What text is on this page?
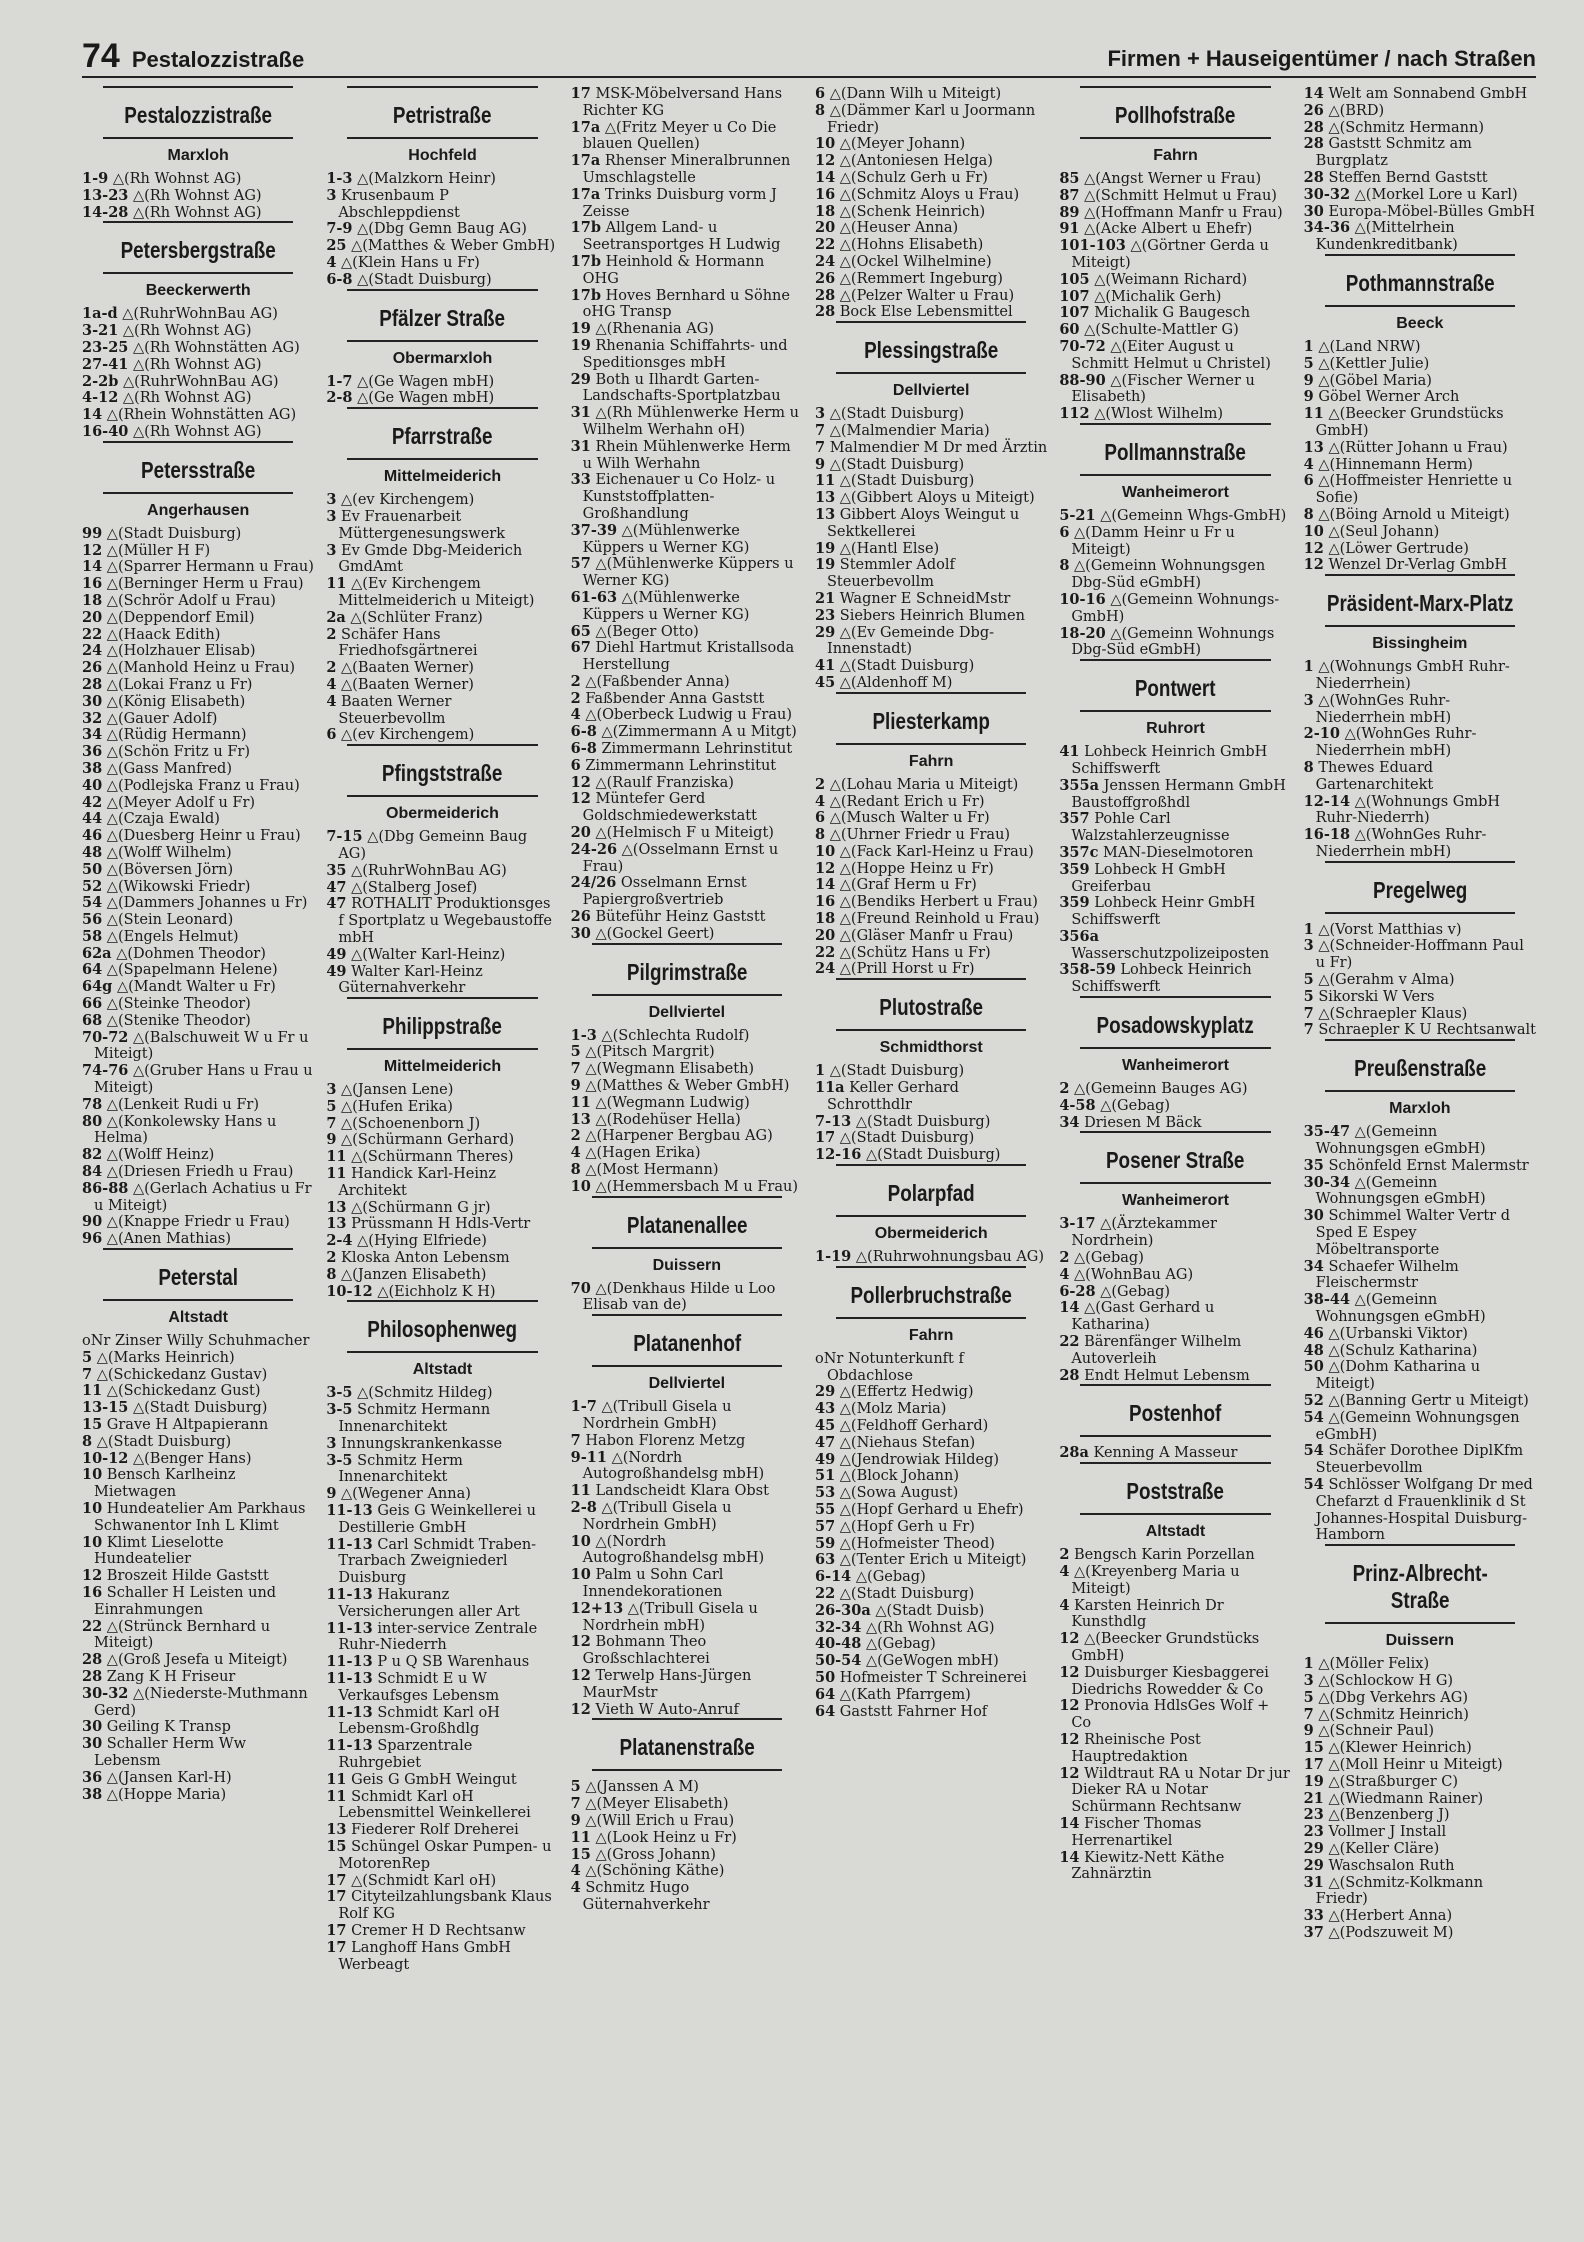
74 Pestalozzistraße	Firmen + Hauseigentümer / nach Straßen
Pestalozzistraße
Marxloh
1-9 △(Rh Wohnst AG)
13-23 △(Rh Wohnst AG)
14-28 △(Rh Wohnst AG)
Petersbergstraße
Beeckerwerth
1a-d △(RuhrWohnBau AG)
3-21 △(Rh Wohnst AG)
23-25 △(Rh Wohnstätten AG)
27-41 △(Rh Wohnst AG)
2-2b △(RuhrWohnBau AG)
4-12 △(Rh Wohnst AG)
14 △(Rhein Wohnstätten AG)
16-40 △(Rh Wohnst AG)
Petersstraße
Angerhausen
99 △(Stadt Duisburg)
12 △(Müller H F)
14 △(Sparrer Hermann u Frau)
16 △(Berninger Herm u Frau)
18 △(Schrör Adolf u Frau)
20 △(Deppendorf Emil)
22 △(Haack Edith)
24 △(Holzhauer Elisab)
26 △(Manhold Heinz u Frau)
28 △(Lokai Franz u Fr)
30 △(König Elisabeth)
32 △(Gauer Adolf)
34 △(Rüdig Hermann)
36 △(Schön Fritz u Fr)
38 △(Gass Manfred)
40 △(Podlejska Franz u Frau)
42 △(Meyer Adolf u Fr)
44 △(Czaja Ewald)
46 △(Duesberg Heinr u Frau)
48 △(Wolff Wilhelm)
50 △(Böversen Jörn)
52 △(Wikowski Friedr)
54 △(Dammers Johannes u Fr)
56 △(Stein Leonard)
58 △(Engels Helmut)
62a △(Dohmen Theodor)
64 △(Spapelmann Helene)
64g △(Mandt Walter u Fr)
66 △(Steinke Theodor)
68 △(Stenike Theodor)
70-72 △(Balschuweit W u Fr u Miteigt)
74-76 △(Gruber Hans u Frau u Miteigt)
78 △(Lenkeit Rudi u Fr)
80 △(Konkolewsky Hans u Helma)
82 △(Wolff Heinz)
84 △(Driesen Friedh u Frau)
86-88 △(Gerlach Achatius u Fr u Miteigt)
90 △(Knappe Friedr u Frau)
96 △(Anen Mathias)
Peterstal
Altstadt
oNr Zinser Willy Schuhmacher
5 △(Marks Heinrich)
7 △(Schickedanz Gustav)
11 △(Schickedanz Gust)
13-15 △(Stadt Duisburg)
15 Grave H Altpapierann
8 △(Stadt Duisburg)
10-12 △(Benger Hans)
10 Bensch Karlheinz Mietwagen
10 Hundeatelier Am Parkhaus Schwanentor Inh L Klimt
10 Klimt Lieselotte Hundeatelier
12 Broszeit Hilde Gaststt
16 Schaller H Leisten und Einrahmungen
22 △(Strünck Bernhard u Miteigt)
28 △(Groß Jesefa u Miteigt)
28 Zang K H Friseur
30-32 △(Niederste-Muthmann Gerd)
30 Geiling K Transp
30 Schaller Herm Ww Lebensm
36 △(Jansen Karl-H)
38 △(Hoppe Maria)
Petristraße
Hochfeld
1-3 △(Malzkorn Heinr)
3 Krusenbaum P Abschleppdienst
7-9 △(Dbg Gemn Baug AG)
25 △(Matthes & Weber GmbH)
4 △(Klein Hans u Fr)
6-8 △(Stadt Duisburg)
Pfälzer Straße
Obermarxloh
1-7 △(Ge Wagen mbH)
2-8 △(Ge Wagen mbH)
Pfarrstraße
Mittelmeiderich
3 △(ev Kirchengem)
3 Ev Frauenarbeit Müttergenesungswerk
3 Ev Gmde Dbg-Meiderich GmdAmt
11 △(Ev Kirchengem Mittelmeiderich u Miteigt)
2a △(Schlüter Franz)
2 Schäfer Hans Friedhofsgärtnerei
2 △(Baaten Werner)
4 △(Baaten Werner)
4 Baaten Werner Steuerbevollm
6 △(ev Kirchengem)
Pfingststraße
Obermeiderich
7-15 △(Dbg Gemeinn Baug AG)
35 △(RuhrWohnBau AG)
47 △(Stalberg Josef)
47 ROTHALIT Produktionsges f Sportplatz u Wegebaustoffe mbH
49 △(Walter Karl-Heinz)
49 Walter Karl-Heinz Güternahverkehr
Philippstraße
Mittelmeiderich
3 △(Jansen Lene)
5 △(Hufen Erika)
7 △(Schoenenborn J)
9 △(Schürmann Gerhard)
11 △(Schürmann Theres)
11 Handick Karl-Heinz Architekt
13 △(Schürmann G jr)
13 Prüssmann H Hdls-Vertr
2-4 △(Hying Elfriede)
2 Kloska Anton Lebensm
8 △(Janzen Elisabeth)
10-12 △(Eichholz K H)
Philosophenweg
Altstadt
3-5 △(Schmitz Hildeg)
3-5 Schmitz Hermann Innenarchitekt
3 Innungskrankenkasse
3-5 Schmitz Herm Innenarchitekt
9 △(Wegener Anna)
11-13 Geis G Weinkellerei u Destillerie GmbH
11-13 Carl Schmidt Traben-Trarbach Zweigniederl Duisburg
11-13 Hakuranz Versicherungen aller Art
11-13 inter-service Zentrale Ruhr-Niederrh
11-13 P u Q SB Warenhaus
11-13 Schmidt E u W Verkaufsges Lebensm
11-13 Schmidt Karl oH Lebensm-Großhdlg
11-13 Sparzentrale Ruhrgebiet
11 Geis G GmbH Weingut
11 Schmidt Karl oH Lebensmittel Weinkellerei
13 Fiederer Rolf Dreherei
15 Schüngel Oskar Pumpen- u MotorenRep
17 △(Schmidt Karl oH)
17 Cityteilzahlungsbank Klaus Rolf KG
17 Cremer H D Rechtsanw
17 Langhoff Hans GmbH Werbeagt
17 MSK-Möbelversand Hans Richter KG
17a △(Fritz Meyer u Co Die blauen Quellen)
17a Rhenser Mineralbrunnen Umschlagstelle
17a Trinks Duisburg vorm J Zeisse
17b Allgem Land- u Seetransportges H Ludwig
17b Heinhold & Hormann OHG
17b Hoves Bernhard u Söhne oHG Transp
19 △(Rhenania AG)
19 Rhenania Schiffahrts- und Speditionsges mbH
29 Both u Ilhardt Garten-Landschafts-Sportplatzbau
31 △(Rh Mühlenwerke Herm u Wilhelm Werhahn oH)
31 Rhein Mühlenwerke Herm u Wilh Werhahn
33 Eichenauer u Co Holz- u Kunststoffplatten-Großhandlung
37-39 △(Mühlenwerke Küppers u Werner KG)
57 △(Mühlenwerke Küppers u Werner KG)
61-63 △(Mühlenwerke Küppers u Werner KG)
65 △(Beger Otto)
67 Diehl Hartmut Kristallsoda Herstellung
2 △(Faßbender Anna)
2 Faßbender Anna Gaststt
4 △(Oberbeck Ludwig u Frau)
6-8 △(Zimmermann A u Mitgt)
6-8 Zimmermann Lehrinstitut
6 Zimmermann Lehrinstitut
12 △(Raulf Franziska)
12 Müntefer Gerd Goldschmiedewerkstatt
20 △(Helmisch F u Miteigt)
24-26 △(Osselmann Ernst u Frau)
24/26 Osselmann Ernst Papiergroßvertrieb
26 Büteführ Heinz Gaststt
30 △(Gockel Geert)
Pilgrimstraße
Dellviertel
1-3 △(Schlechta Rudolf)
5 △(Pitsch Margrit)
7 △(Wegmann Elisabeth)
9 △(Matthes & Weber GmbH)
11 △(Wegmann Ludwig)
13 △(Rodehüser Hella)
2 △(Harpener Bergbau AG)
4 △(Hagen Erika)
8 △(Most Hermann)
10 △(Hemmersbach M u Frau)
Platanenallee
Duissern
70 △(Denkhaus Hilde u Loo Elisab van de)
Platanenhof
Dellviertel
1-7 △(Tribull Gisela u Nordrhein GmbH)
7 Habon Florenz Metzg
9-11 △(Nordrh Autogroßhandelsg mbH)
11 Landscheidt Klara Obst
2-8 △(Tribull Gisela u Nordrhein GmbH)
10 △(Nordrh Autogroßhandelsg mbH)
10 Palm u Sohn Carl Innendekorationen
12+13 △(Tribull Gisela u Nordrhein mbH)
12 Bohmann Theo Großschlachterei
12 Terwelp Hans-Jürgen MaurMstr
12 Vieth W Auto-Anruf
Platanenstraße
5 △(Janssen A M)
7 △(Meyer Elisabeth)
9 △(Will Erich u Frau)
11 △(Look Heinz u Fr)
15 △(Gross Johann)
4 △(Schöning Käthe)
4 Schmitz Hugo Güternahverkehr
6 △(Dann Wilh u Miteigt)
8 △(Dämmer Karl u Joormann Friedr)
10 △(Meyer Johann)
12 △(Antoniesen Helga)
14 △(Schulz Gerh u Fr)
16 △(Schmitz Aloys u Frau)
18 △(Schenk Heinrich)
20 △(Heuser Anna)
22 △(Hohns Elisabeth)
24 △(Ockel Wilhelmine)
26 △(Remmert Ingeburg)
28 △(Pelzer Walter u Frau)
28 Bock Else Lebensmittel
Plessingstraße
Dellviertel
3 △(Stadt Duisburg)
7 △(Malmendier Maria)
7 Malmendier M Dr med Ärztin
9 △(Stadt Duisburg)
11 △(Stadt Duisburg)
13 △(Gibbert Aloys u Miteigt)
13 Gibbert Aloys Weingut u Sektkellerei
19 △(Hantl Else)
19 Stemmler Adolf Steuerbevollm
21 Wagner E SchneidMstr
23 Siebers Heinrich Blumen
29 △(Ev Gemeinde Dbg-Innenstadt)
41 △(Stadt Duisburg)
45 △(Aldenhoff M)
Pliesterkamp
Fahrn
2 △(Lohau Maria u Miteigt)
4 △(Redant Erich u Fr)
6 △(Musch Walter u Fr)
8 △(Uhrner Friedr u Frau)
10 △(Fack Karl-Heinz u Frau)
12 △(Hoppe Heinz u Fr)
14 △(Graf Herm u Fr)
16 △(Bendiks Herbert u Frau)
18 △(Freund Reinhold u Frau)
20 △(Gläser Manfr u Frau)
22 △(Schütz Hans u Fr)
24 △(Prill Horst u Fr)
Plutostraße
Schmidthorst
1 △(Stadt Duisburg)
11a Keller Gerhard Schrotthdlr
7-13 △(Stadt Duisburg)
17 △(Stadt Duisburg)
12-16 △(Stadt Duisburg)
Polarpfad
Obermeiderich
1-19 △(Ruhrwohnungsbau AG)
Pollerbruchstraße
Fahrn
oNr Notunterkunft f Obdachlose
29 △(Effertz Hedwig)
43 △(Molz Maria)
45 △(Feldhoff Gerhard)
47 △(Niehaus Stefan)
49 △(Jendrowiak Hildeg)
51 △(Block Johann)
53 △(Sowa August)
55 △(Hopf Gerhard u Ehefr)
57 △(Hopf Gerh u Fr)
59 △(Hofmeister Theod)
63 △(Tenter Erich u Miteigt)
6-14 △(Gebag)
22 △(Stadt Duisburg)
26-30a △(Stadt Duisb)
32-34 △(Rh Wohnst AG)
40-48 △(Gebag)
50-54 △(GeWogen mbH)
50 Hofmeister T Schreinerei
64 △(Kath Pfarrgem)
64 Gaststt Fahrner Hof
Pollhofstraße
Fahrn
85 △(Angst Werner u Frau)
87 △(Schmitt Helmut u Frau)
89 △(Hoffmann Manfr u Frau)
91 △(Acke Albert u Ehefr)
101-103 △(Görtner Gerda u Miteigt)
105 △(Weimann Richard)
107 △(Michalik Gerh)
107 Michalik G Baugesch
60 △(Schulte-Mattler G)
70-72 △(Eiter August u Schmitt Helmut u Christel)
88-90 △(Fischer Werner u Elisabeth)
112 △(Wlost Wilhelm)
Pollmannstraße
Wanheimerort
5-21 △(Gemeinn Whgs-GmbH)
6 △(Damm Heinr u Fr u Miteigt)
8 △(Gemeinn Wohnungsgen Dbg-Süd eGmbH)
10-16 △(Gemeinn Wohnungs-GmbH)
18-20 △(Gemeinn Wohnungs Dbg-Süd eGmbH)
Pontwert
Ruhrort
41 Lohbeck Heinrich GmbH Schiffswerft
355a Jenssen Hermann GmbH Baustoffgroßhdl
357 Pohle Carl Walzstahlerzeugnisse
357c MAN-Dieselmotoren
359 Lohbeck H GmbH Greiferbau
359 Lohbeck Heinr GmbH Schiffswerft
356a Wasserschutzpolizeiposten
358-59 Lohbeck Heinrich Schiffswerft
Posadowskyplatz
Wanheimerort
2 △(Gemeinn Bauges AG)
4-58 △(Gebag)
34 Driesen M Bäck
Posener Straße
Wanheimerort
3-17 △(Ärztekammer Nordrhein)
2 △(Gebag)
4 △(WohnBau AG)
6-28 △(Gebag)
14 △(Gast Gerhard u Katharina)
22 Bärenfänger Wilhelm Autoverleih
28 Endt Helmut Lebensm
Postenhof
28a Kenning A Masseur
Poststraße
Altstadt
2 Bengsch Karin Porzellan
4 △(Kreyenberg Maria u Miteigt)
4 Karsten Heinrich Dr Kunsthdlg
12 △(Beecker Grundstücks GmbH)
12 Duisburger Kiesbaggerei Diedrichs Rowedder & Co
12 Pronovia HdlsGes Wolf + Co
12 Rheinische Post Hauptredaktion
12 Wildtraut RA u Notar Dr jur Dieker RA u Notar Schürmann Rechtsanw
14 Fischer Thomas Herrenartikel
14 Kiewitz-Nett Käthe Zahnärztin
14 Welt am Sonnabend GmbH
26 △(BRD)
28 △(Schmitz Hermann)
28 Gaststt Schmitz am Burgplatz
28 Steffen Bernd Gaststt
30-32 △(Morkel Lore u Karl)
30 Europa-Möbel-Bülles GmbH
34-36 △(Mittelrhein Kundenkreditbank)
Pothmannstraße
Beeck
1 △(Land NRW)
5 △(Kettler Julie)
9 △(Göbel Maria)
9 Göbel Werner Arch
11 △(Beecker Grundstücks GmbH)
13 △(Rütter Johann u Frau)
4 △(Hinnemann Herm)
6 △(Hoffmeister Henriette u Sofie)
8 △(Böing Arnold u Miteigt)
10 △(Seul Johann)
12 △(Löwer Gertrude)
12 Wenzel Dr-Verlag GmbH
Präsident-Marx-Platz
Bissingheim
1 △(Wohnungs GmbH Ruhr-Niederrhein)
3 △(WohnGes Ruhr-Niederrhein mbH)
2-10 △(WohnGes Ruhr-Niederrhein mbH)
8 Thewes Eduard Gartenarchitekt
12-14 △(Wohnungs GmbH Ruhr-Niederrh)
16-18 △(WohnGes Ruhr-Niederrhein mbH)
Pregelweg
1 △(Vorst Matthias v)
3 △(Schneider-Hoffmann Paul u Fr)
5 △(Gerahm v Alma)
5 Sikorski W Vers
7 △(Schraepler Klaus)
7 Schraepler K U Rechtsanwalt
Preußenstraße
Marxloh
35-47 △(Gemeinn Wohnungsgen eGmbH)
35 Schönfeld Ernst Malermstr
30-34 △(Gemeinn Wohnungsgen eGmbH)
30 Schimmel Walter Vertr d Sped E Espey Möbeltransporte
34 Schaefer Wilhelm Fleischermstr
38-44 △(Gemeinn Wohnungsgen eGmbH)
46 △(Urbanski Viktor)
48 △(Schulz Katharina)
50 △(Dohm Katharina u Miteigt)
52 △(Banning Gertr u Miteigt)
54 △(Gemeinn Wohnungsgen eGmbH)
54 Schäfer Dorothee DiplKfm Steuerbevollm
54 Schlösser Wolfgang Dr med Chefarzt d Frauenklinik d St Johannes-Hospital Duisburg-Hamborn
Prinz-Albrecht-Straße
Duissern
1 △(Möller Felix)
3 △(Schlockow H G)
5 △(Dbg Verkehrs AG)
7 △(Schmitz Heinrich)
9 △(Schneir Paul)
15 △(Klewer Heinrich)
17 △(Moll Heinr u Miteigt)
19 △(Straßburger C)
21 △(Wiedmann Rainer)
23 △(Benzenberg J)
23 Vollmer J Install
29 △(Keller Cläre)
29 Waschsalon Ruth
31 △(Schmitz-Kolkmann Friedr)
33 △(Herbert Anna)
37 △(Podszuweit M)
